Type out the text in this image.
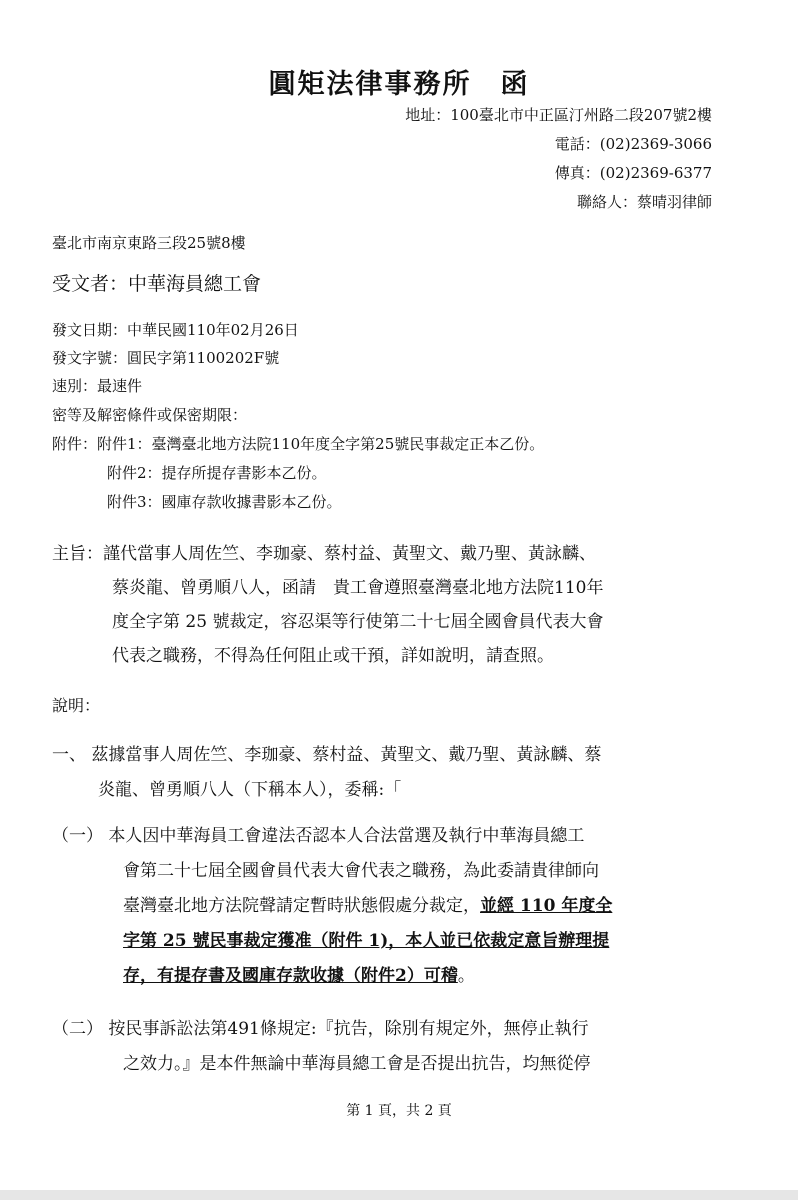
圓矩法律事務所　函
地址：100臺北市中正區汀州路二段207號2樓
電話：(02)2369-3066
傳真：(02)2369-6377
聯絡人：蔡晴羽律師
臺北市南京東路三段25號8樓
受文者：中華海員總工會
發文日期：中華民國110年02月26日
發文字號：圓民字第1100202F號
速別：最速件
密等及解密條件或保密期限：
附件：附件1：臺灣臺北地方法院110年度全字第25號民事裁定正本乙份。
附件2：提存所提存書影本乙份。
附件3：國庫存款收據書影本乙份。
主旨：謹代當事人周佐竺、李珈豪、蔡村益、黃聖文、戴乃聖、黃詠麟、
蔡炎龍、曾勇順八人，函請　貴工會遵照臺灣臺北地方法院110年
度全字第 25 號裁定，容忍渠等行使第二十七屆全國會員代表大會
代表之職務，不得為任何阻止或干預，詳如說明，請查照。
說明：
一、 茲據當事人周佐竺、李珈豪、蔡村益、黃聖文、戴乃聖、黃詠麟、蔡
炎龍、曾勇順八人（下稱本人），委稱:「
（一） 本人因中華海員工會違法否認本人合法當選及執行中華海員總工
會第二十七屆全國會員代表大會代表之職務，為此委請貴律師向
臺灣臺北地方法院聲請定暫時狀態假處分裁定，並經 110 年度全
字第 25 號民事裁定獲准（附件 1)，本人並已依裁定意旨辦理提
存，有提存書及國庫存款收據（附件2）可稽。
（二） 按民事訴訟法第491條規定:『抗告，除別有規定外，無停止執行
之效力。』是本件無論中華海員總工會是否提出抗告，均無從停
第 1 頁，共 2 頁
